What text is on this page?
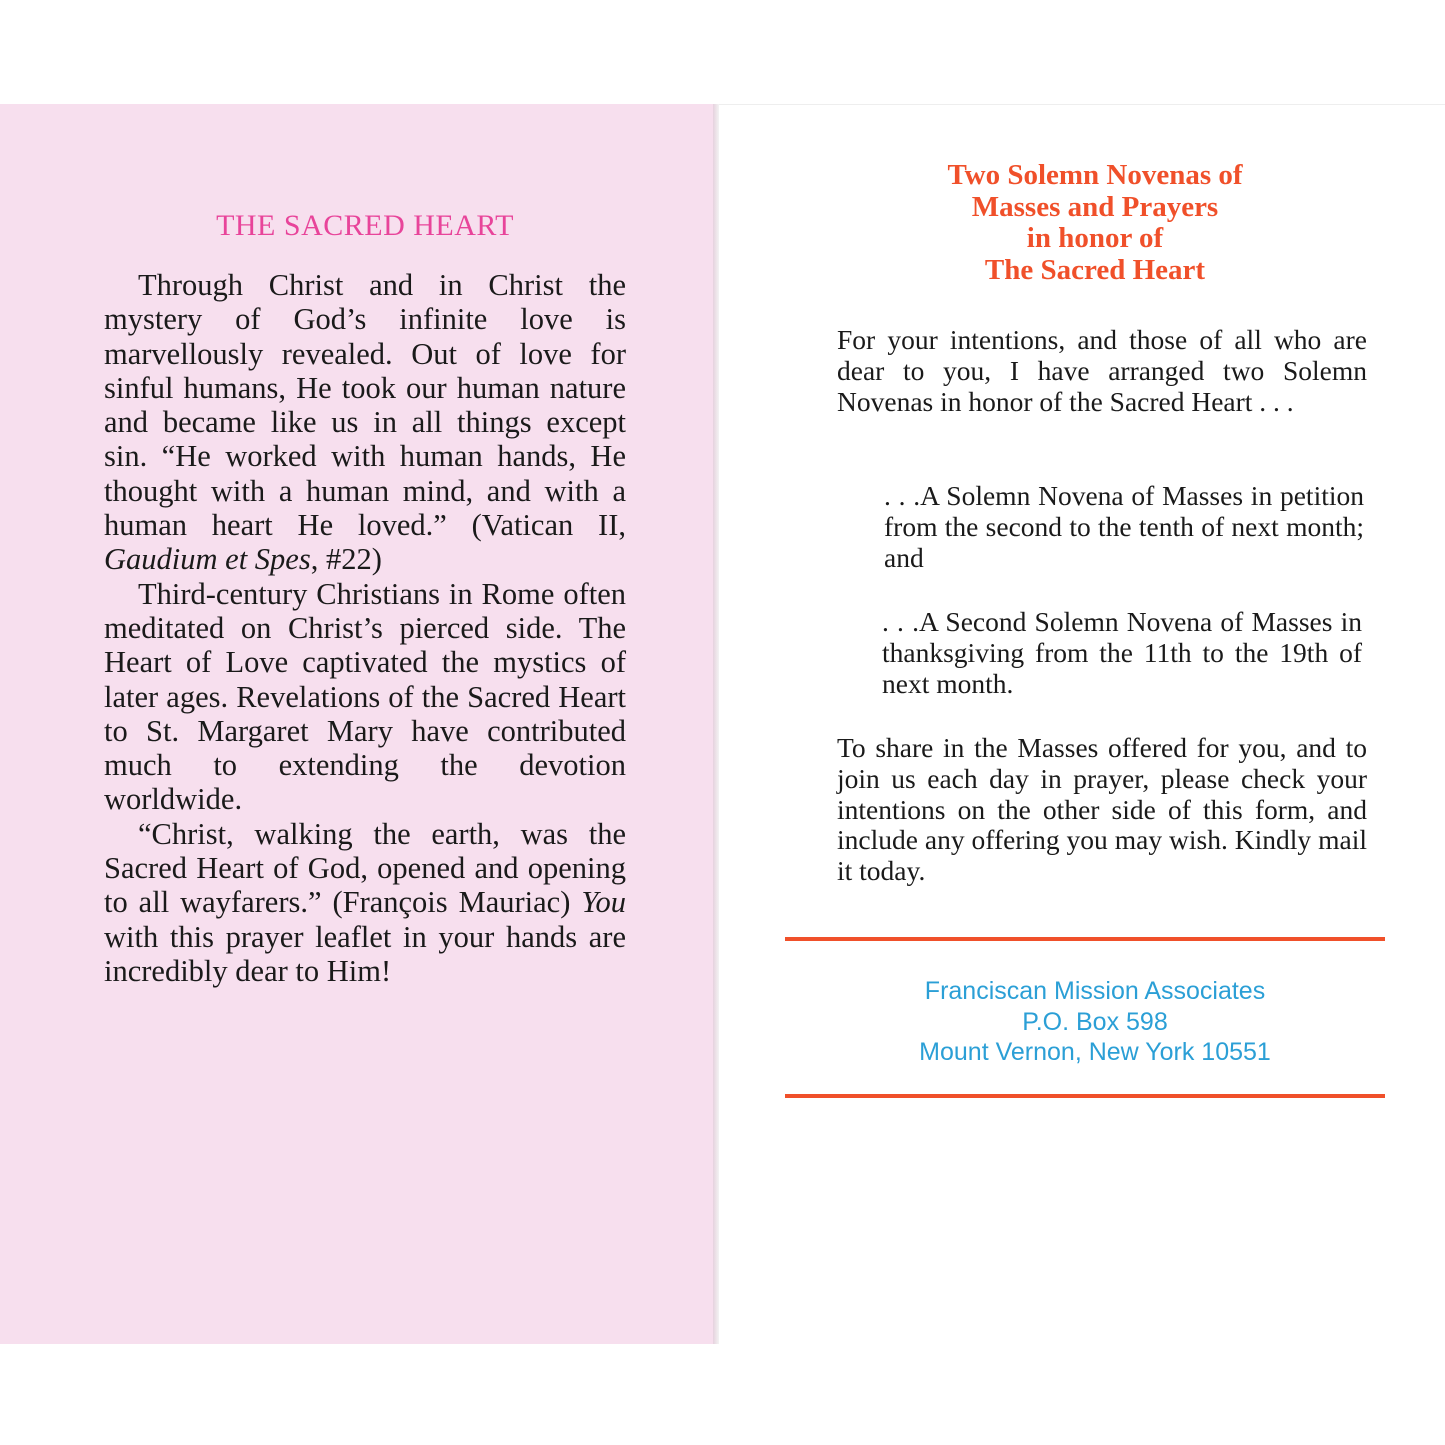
THE SACRED HEART

Through Christ and in Christ the mystery of God’s infinite love is marvellously revealed. Out of love for sinful humans, He took our human nature and became like us in all things except sin. “He worked with human hands, He thought with a human mind, and with a human heart He loved.” (Vatican II, Gaudium et Spes, #22)

Third-century Christians in Rome often meditated on Christ’s pierced side. The Heart of Love captivated the mystics of later ages. Revelations of the Sacred Heart to St. Margaret Mary have contributed much to extending the devotion worldwide.

“Christ, walking the earth, was the Sacred Heart of God, opened and opening to all wayfarers.” (François Mauriac) You with this prayer leaflet in your hands are incredibly dear to Him!

Two Solemn Novenas of
Masses and Prayers
in honor of
The Sacred Heart

For your intentions, and those of all who are dear to you, I have arranged two Solemn Novenas in honor of the Sacred Heart . . .

. . .A Solemn Novena of Masses in petition from the second to the tenth of next month; and

. . .A Second Solemn Novena of Masses in thanksgiving from the 11th to the 19th of next month.

To share in the Masses offered for you, and to join us each day in prayer, please check your intentions on the other side of this form, and include any offering you may wish. Kindly mail it today.

Franciscan Mission Associates
P.O. Box 598
Mount Vernon, New York 10551
